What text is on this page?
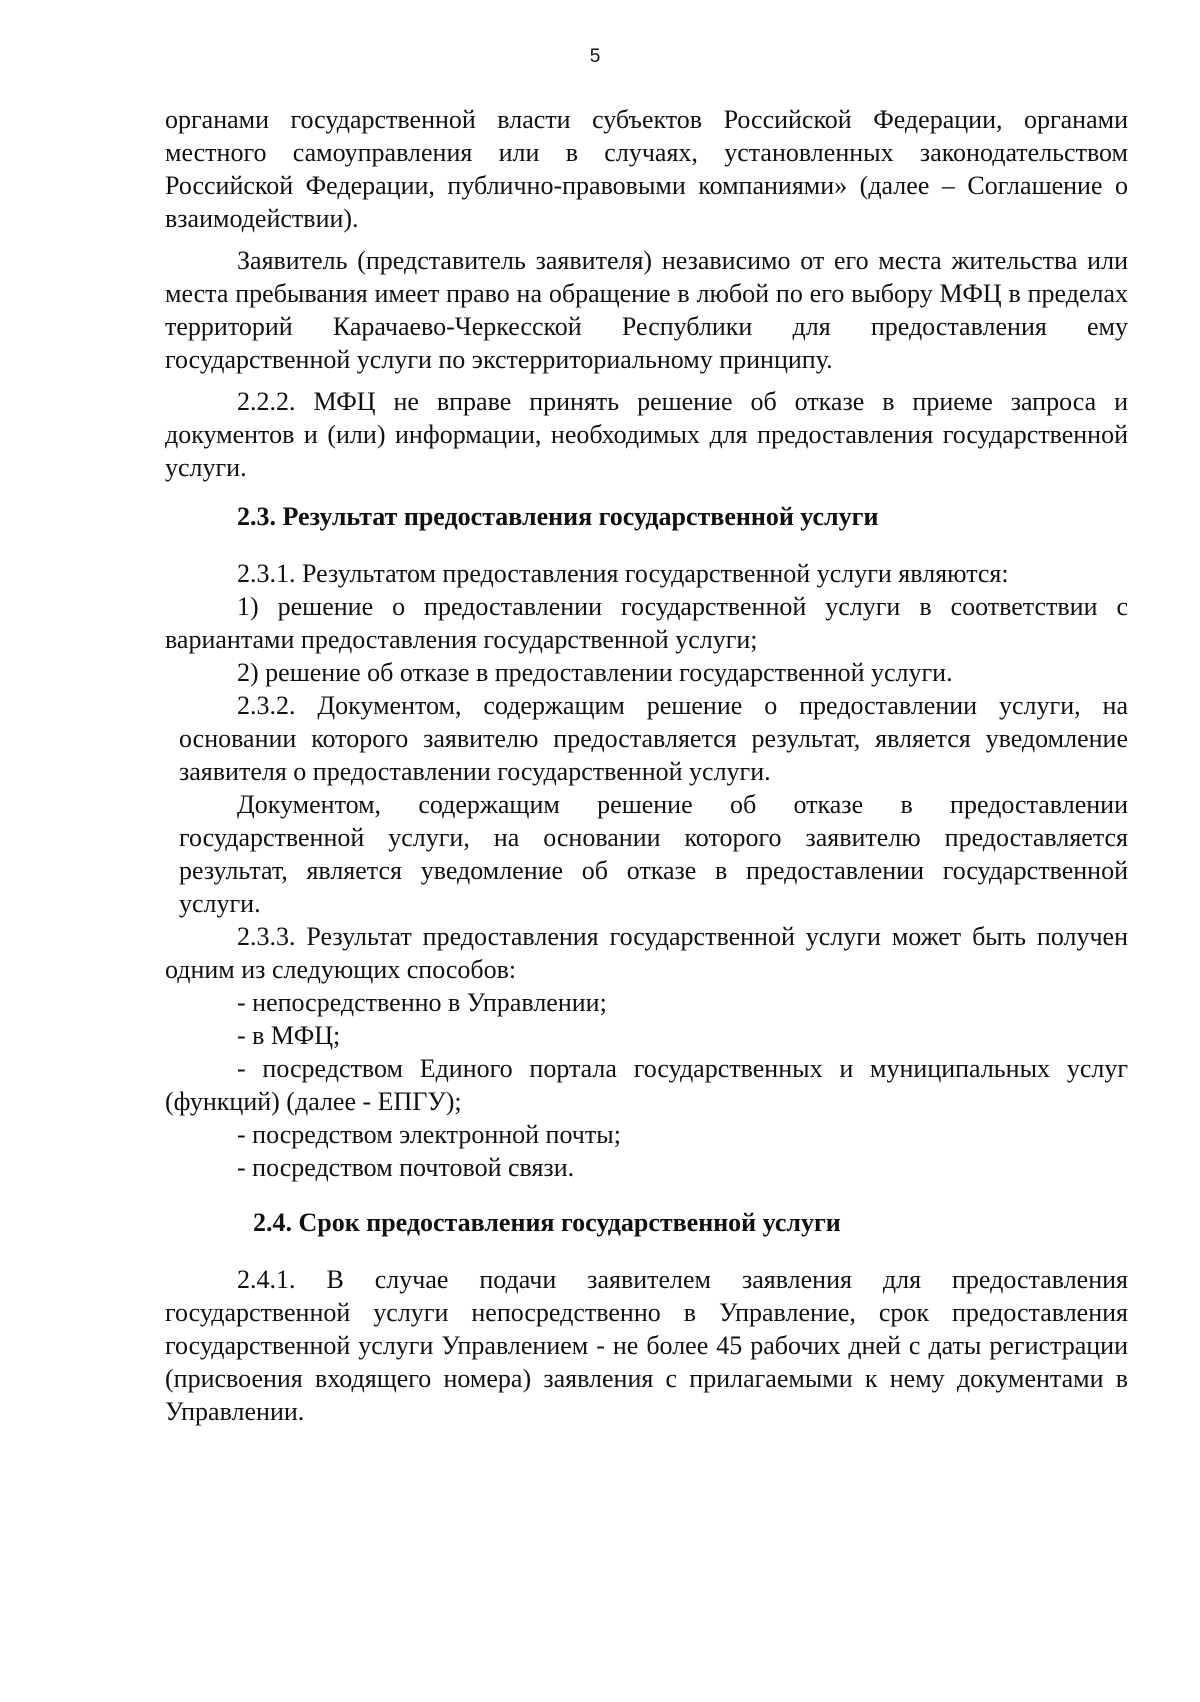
5

органами государственной власти субъектов Российской Федерации, органами местного самоуправления или в случаях, установленных законодательством Российской Федерации, публично-правовыми компаниями» (далее – Соглашение о взаимодействии).

Заявитель (представитель заявителя) независимо от его места жительства или места пребывания имеет право на обращение в любой по его выбору МФЦ в пределах территорий Карачаево-Черкесской Республики для предоставления ему государственной услуги по экстерриториальному принципу.

2.2.2. МФЦ не вправе принять решение об отказе в приеме запроса и документов и (или) информации, необходимых для предоставления государственной услуги.

2.3. Результат предоставления государственной услуги

2.3.1. Результатом предоставления государственной услуги являются:

1) решение о предоставлении государственной услуги в соответствии с вариантами предоставления государственной услуги;

2) решение об отказе в предоставлении государственной услуги.

2.3.2. Документом, содержащим решение о предоставлении услуги, на основании которого заявителю предоставляется результат, является уведомление заявителя о предоставлении государственной услуги.

Документом, содержащим решение об отказе в предоставлении государственной услуги, на основании которого заявителю предоставляется результат, является уведомление об отказе в предоставлении государственной услуги.

2.3.3. Результат предоставления государственной услуги может быть получен одним из следующих способов:

- непосредственно в Управлении;

- в МФЦ;

- посредством Единого портала государственных и муниципальных услуг (функций) (далее - ЕПГУ);

- посредством электронной почты;

- посредством почтовой связи.

2.4. Срок предоставления государственной услуги

2.4.1. В случае подачи заявителем заявления для предоставления государственной услуги непосредственно в Управление, срок предоставления государственной услуги Управлением - не более 45 рабочих дней с даты регистрации (присвоения входящего номера) заявления с прилагаемыми к нему документами в Управлении.
